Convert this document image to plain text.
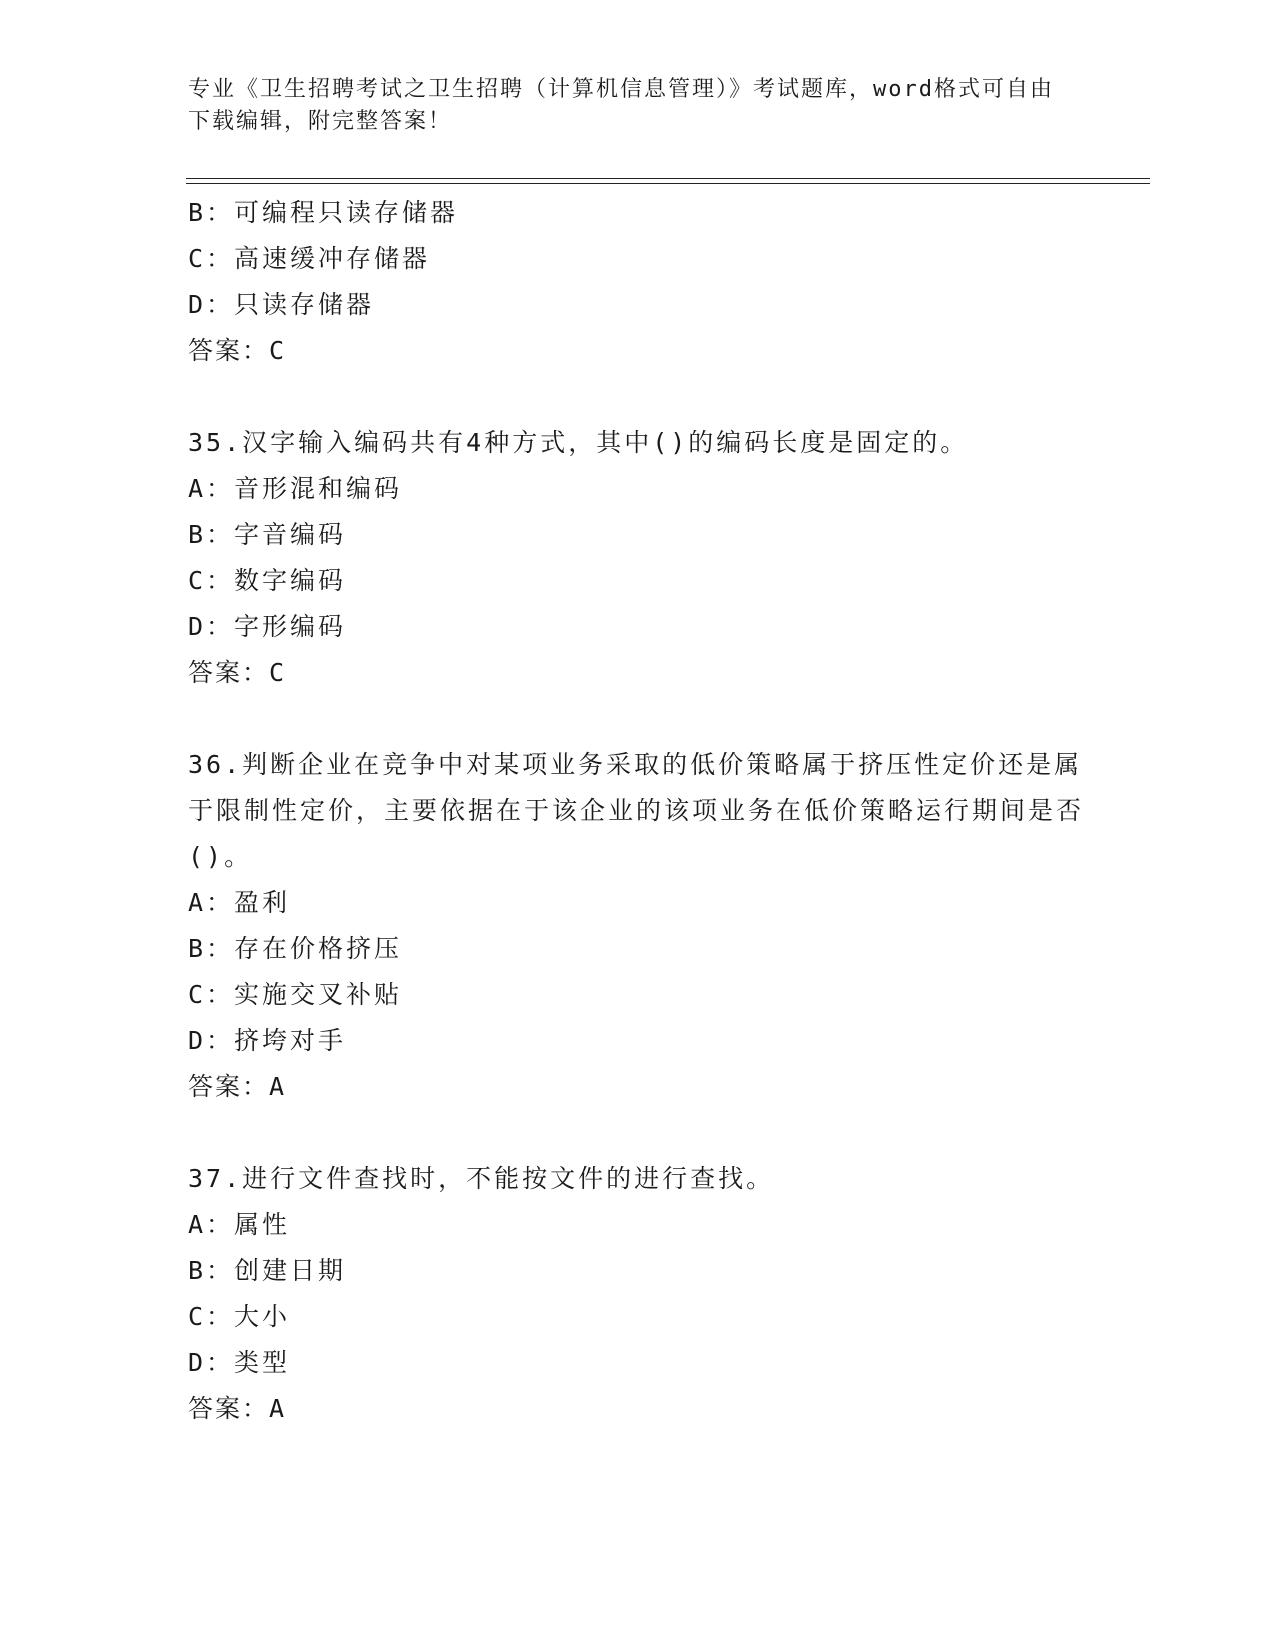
专业《卫生招聘考试之卫生招聘（计算机信息管理）》考试题库，word格式可自由下载编辑，附完整答案！
B：可编程只读存储器
C：高速缓冲存储器
D：只读存储器
答案：C
35.汉字输入编码共有4种方式，其中()的编码长度是固定的。
A：音形混和编码
B：字音编码
C：数字编码
D：字形编码
答案：C
36.判断企业在竞争中对某项业务采取的低价策略属于挤压性定价还是属于限制性定价，主要依据在于该企业的该项业务在低价策略运行期间是否()。
A：盈利
B：存在价格挤压
C：实施交叉补贴
D：挤垮对手
答案：A
37.进行文件查找时，不能按文件的进行查找。
A：属性
B：创建日期
C：大小
D：类型
答案：A
